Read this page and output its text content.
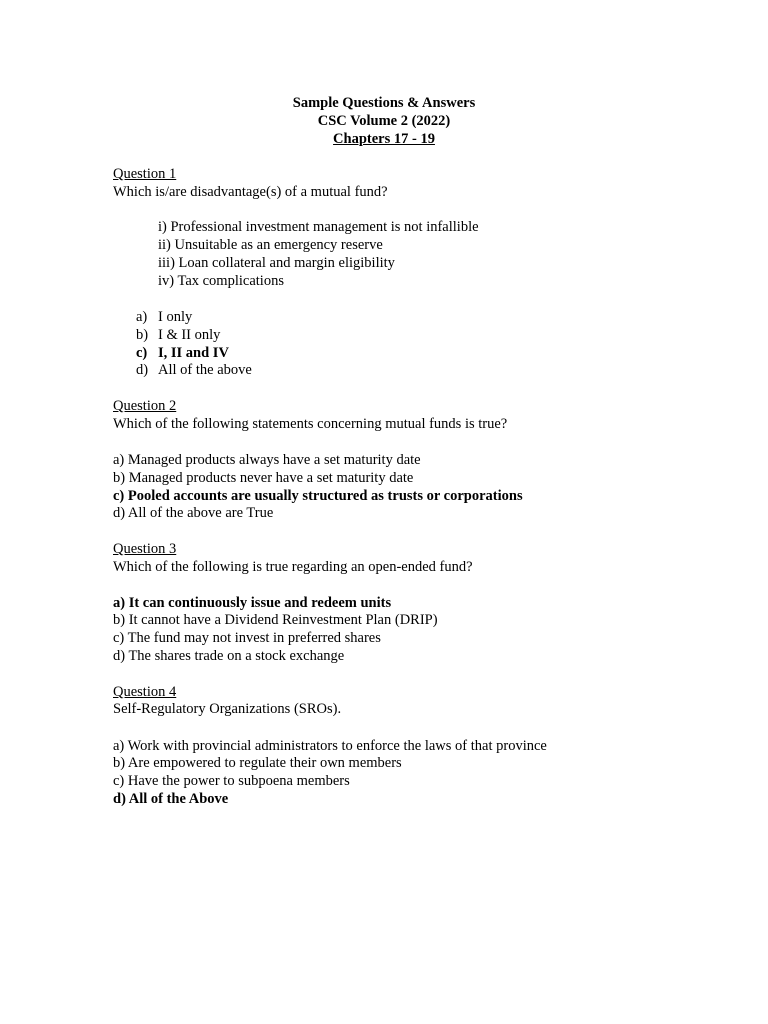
Sample Questions & Answers
CSC Volume 2 (2022)
Chapters 17 - 19
Question 1
Which is/are disadvantage(s) of a mutual fund?
i) Professional investment management is not infallible
ii) Unsuitable as an emergency reserve
iii) Loan collateral and margin eligibility
iv) Tax complications
a) I only
b) I & II only
c) I, II and IV
d) All of the above
Question 2
Which of the following statements concerning mutual funds is true?
a) Managed products always have a set maturity date
b) Managed products never have a set maturity date
c) Pooled accounts are usually structured as trusts or corporations
d) All of the above are True
Question 3
Which of the following is true regarding an open-ended fund?
a) It can continuously issue and redeem units
b) It cannot have a Dividend Reinvestment Plan (DRIP)
c) The fund may not invest in preferred shares
d) The shares trade on a stock exchange
Question 4
Self-Regulatory Organizations (SROs).
a) Work with provincial administrators to enforce the laws of that province
b) Are empowered to regulate their own members
c) Have the power to subpoena members
d) All of the Above
